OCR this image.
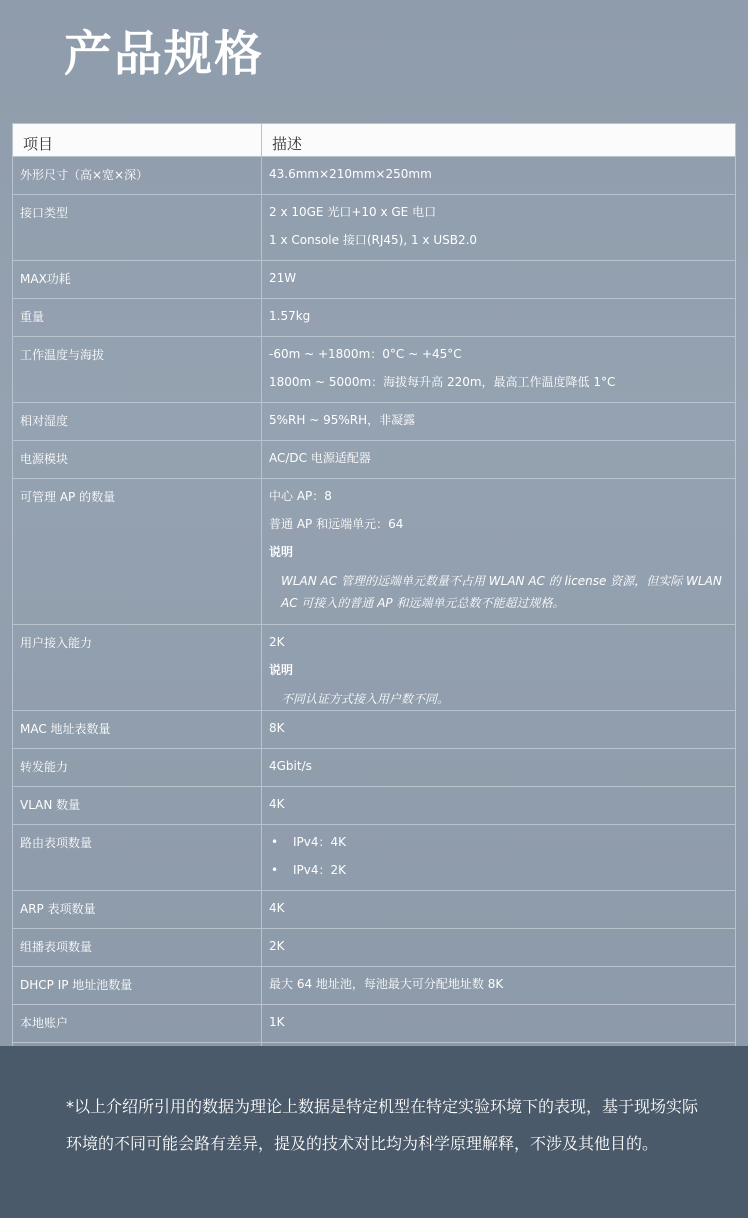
产品规格
项目	描述
外形尺寸（高×宽×深）	43.6mm×210mm×250mm

接口类型	2 x 10GE 光口+10 x GE 电口
1 x Console 接口(RJ45), 1 x USB2.0

MAX功耗	21W

重量	1.57kg

工作温度与海拔	-60m ~ +1800m：0°C ~ +45°C
1800m ~ 5000m：海拔每升高 220m，最高工作温度降低 1°C

相对湿度	5%RH ~ 95%RH，非凝露

电源模块	AC/DC 电源适配器

可管理 AP 的数量	中心 AP：8
普通 AP 和远端单元：64
说明
WLAN AC 管理的远端单元数量不占用 WLAN AC 的 license 资源，但实际 WLAN AC 可接入的普通 AP 和远端单元总数不能超过规格。

用户接入能力	2K
说明
不同认证方式接入用户数不同。

MAC 地址表数量	8K

转发能力	4Gbit/s

VLAN 数量	4K

路由表项数量	• IPv4：4K
• IPv4：2K

ARP 表项数量	4K

组播表项数量	2K

DHCP IP 地址池数量	最大 64 地址池，每池最大可分配地址数 8K

本地账户	1K

*以上介绍所引用的数据为理论上数据是特定机型在特定实验环境下的表现，基于现场实际环境的不同可能会路有差异，提及的技术对比均为科学原理解释，不涉及其他目的。
